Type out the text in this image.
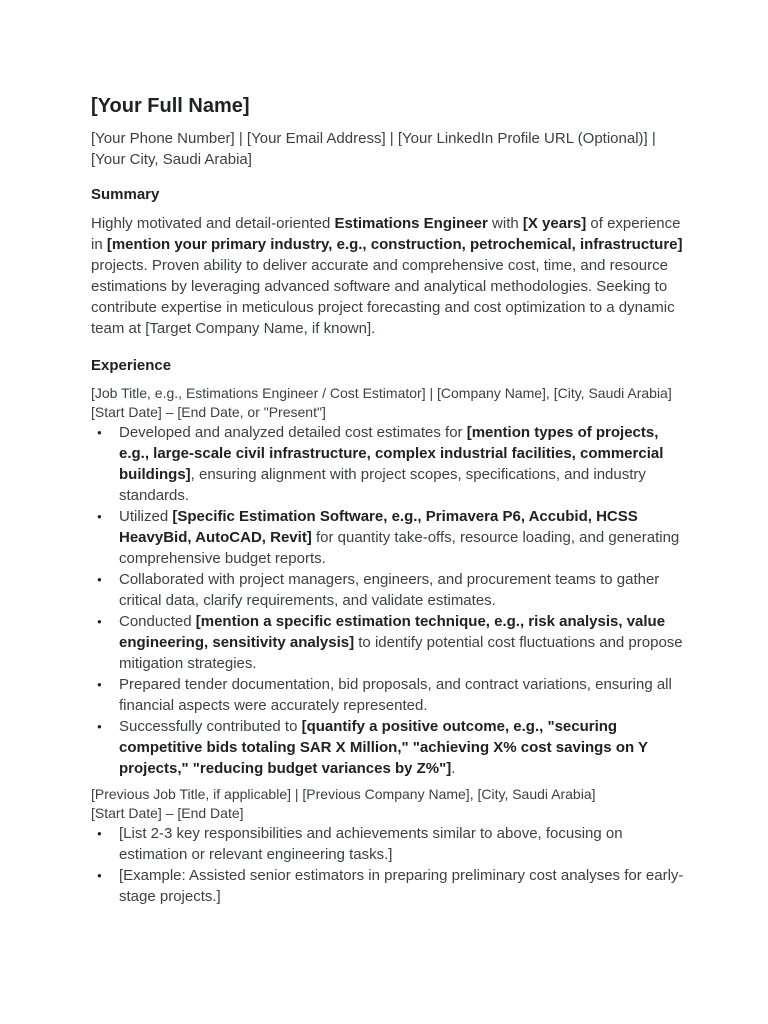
[Your Full Name]

[Your Phone Number] | [Your Email Address] | [Your LinkedIn Profile URL (Optional)] | [Your City, Saudi Arabia]

Summary

Highly motivated and detail-oriented Estimations Engineer with [X years] of experience in [mention your primary industry, e.g., construction, petrochemical, infrastructure] projects. Proven ability to deliver accurate and comprehensive cost, time, and resource estimations by leveraging advanced software and analytical methodologies. Seeking to contribute expertise in meticulous project forecasting and cost optimization to a dynamic team at [Target Company Name, if known].

Experience
[Job Title, e.g., Estimations Engineer / Cost Estimator] | [Company Name], [City, Saudi Arabia]
[Start Date] – [End Date, or "Present"]
● Developed and analyzed detailed cost estimates for [mention types of projects, e.g., large-scale civil infrastructure, complex industrial facilities, commercial buildings], ensuring alignment with project scopes, specifications, and industry standards.
● Utilized [Specific Estimation Software, e.g., Primavera P6, Accubid, HCSS HeavyBid, AutoCAD, Revit] for quantity take-offs, resource loading, and generating comprehensive budget reports.
● Collaborated with project managers, engineers, and procurement teams to gather critical data, clarify requirements, and validate estimates.
● Conducted [mention a specific estimation technique, e.g., risk analysis, value engineering, sensitivity analysis] to identify potential cost fluctuations and propose mitigation strategies.
● Prepared tender documentation, bid proposals, and contract variations, ensuring all financial aspects were accurately represented.
● Successfully contributed to [quantify a positive outcome, e.g., "securing competitive bids totaling SAR X Million," "achieving X% cost savings on Y projects," "reducing budget variances by Z%"].
[Previous Job Title, if applicable] | [Previous Company Name], [City, Saudi Arabia]
[Start Date] – [End Date]
● [List 2-3 key responsibilities and achievements similar to above, focusing on estimation or relevant engineering tasks.]
● [Example: Assisted senior estimators in preparing preliminary cost analyses for early-stage projects.]
